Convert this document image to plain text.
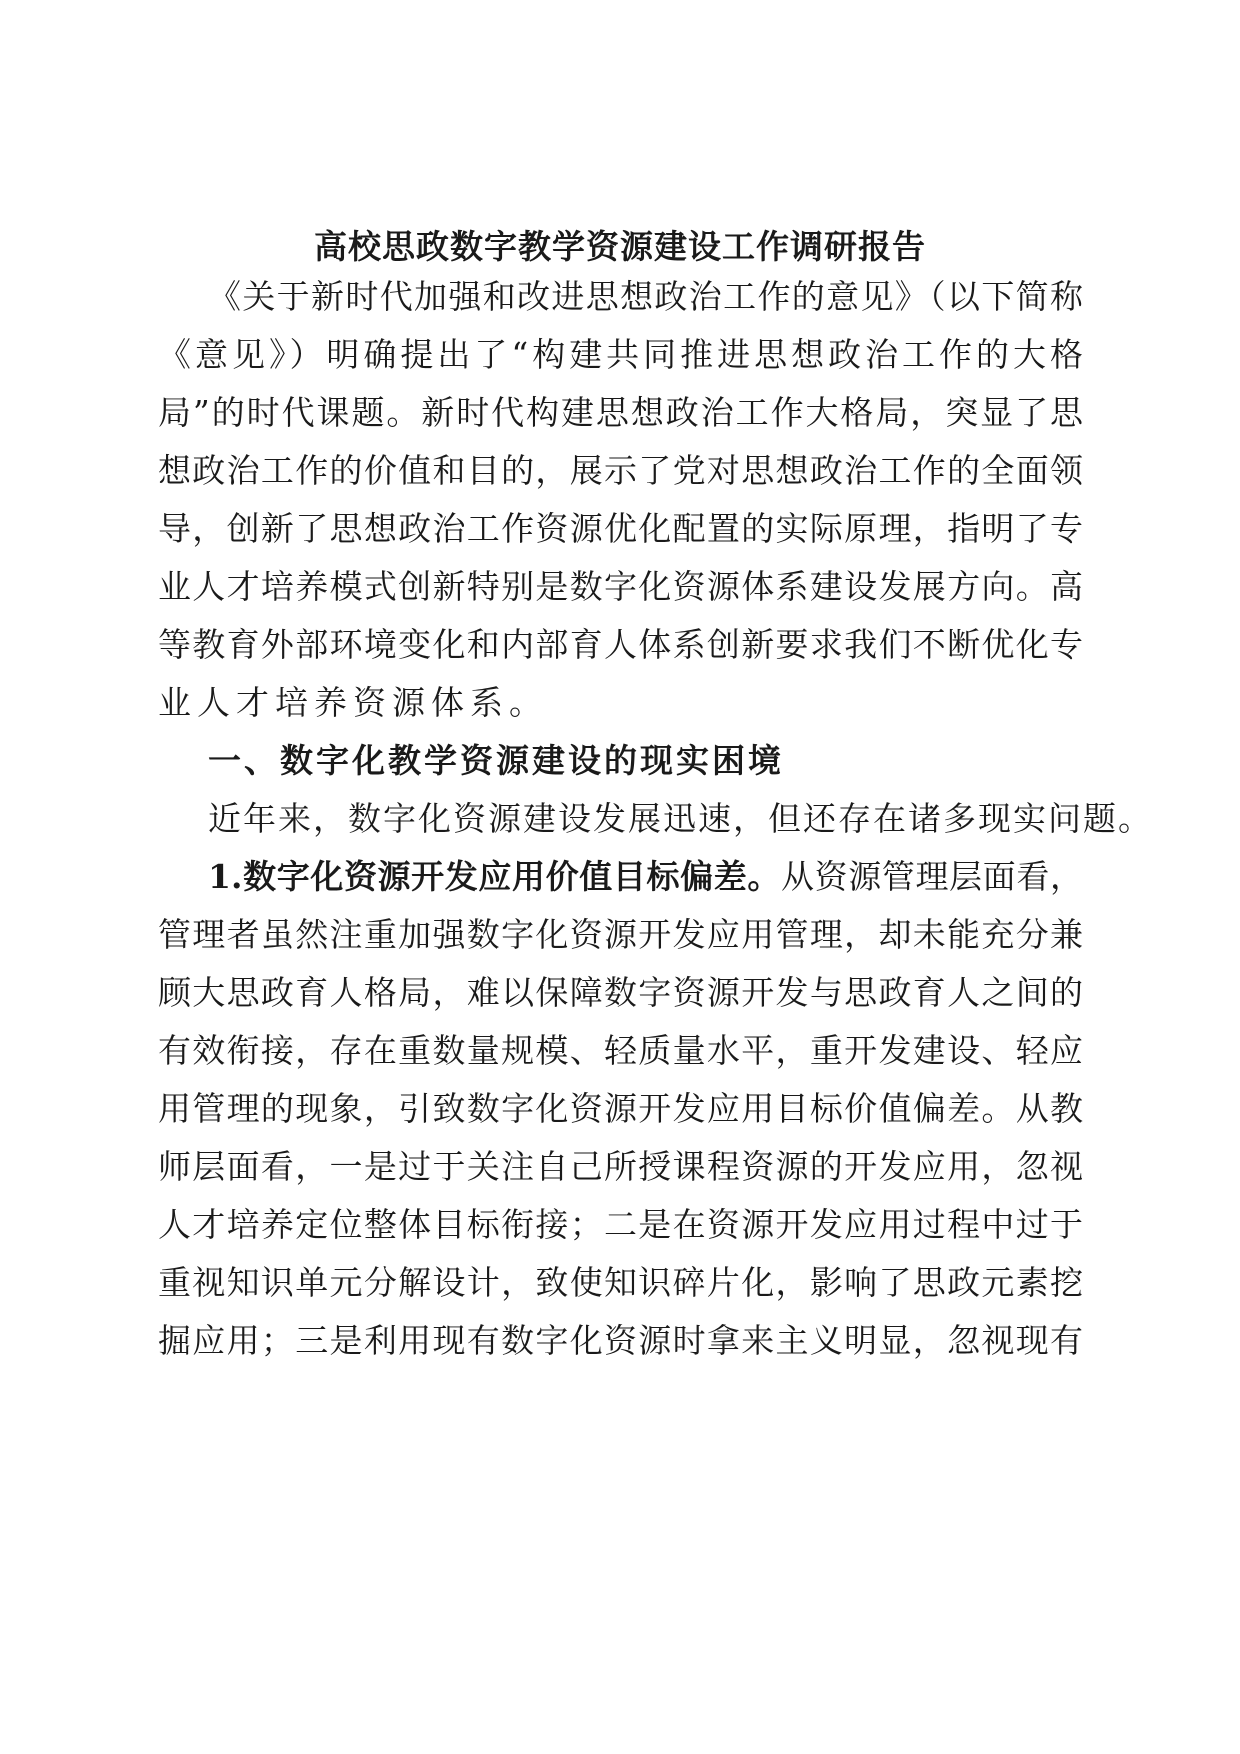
高校思政数字教学资源建设工作调研报告
《关于新时代加强和改进思想政治工作的意见》（以下简称
《意见》）明确提出了“构建共同推进思想政治工作的大格
局”的时代课题。新时代构建思想政治工作大格局，突显了思
想政治工作的价值和目的，展示了党对思想政治工作的全面领
导，创新了思想政治工作资源优化配置的实际原理，指明了专
业人才培养模式创新特别是数字化资源体系建设发展方向。高
等教育外部环境变化和内部育人体系创新要求我们不断优化专
业人才培养资源体系。
一、数字化教学资源建设的现实困境
近年来，数字化资源建设发展迅速，但还存在诸多现实问题。
1.数字化资源开发应用价值目标偏差。从资源管理层面看，
管理者虽然注重加强数字化资源开发应用管理，却未能充分兼
顾大思政育人格局，难以保障数字资源开发与思政育人之间的
有效衔接，存在重数量规模、轻质量水平，重开发建设、轻应
用管理的现象，引致数字化资源开发应用目标价值偏差。从教
师层面看，一是过于关注自己所授课程资源的开发应用，忽视
人才培养定位整体目标衔接；二是在资源开发应用过程中过于
重视知识单元分解设计，致使知识碎片化，影响了思政元素挖
掘应用；三是利用现有数字化资源时拿来主义明显，忽视现有
